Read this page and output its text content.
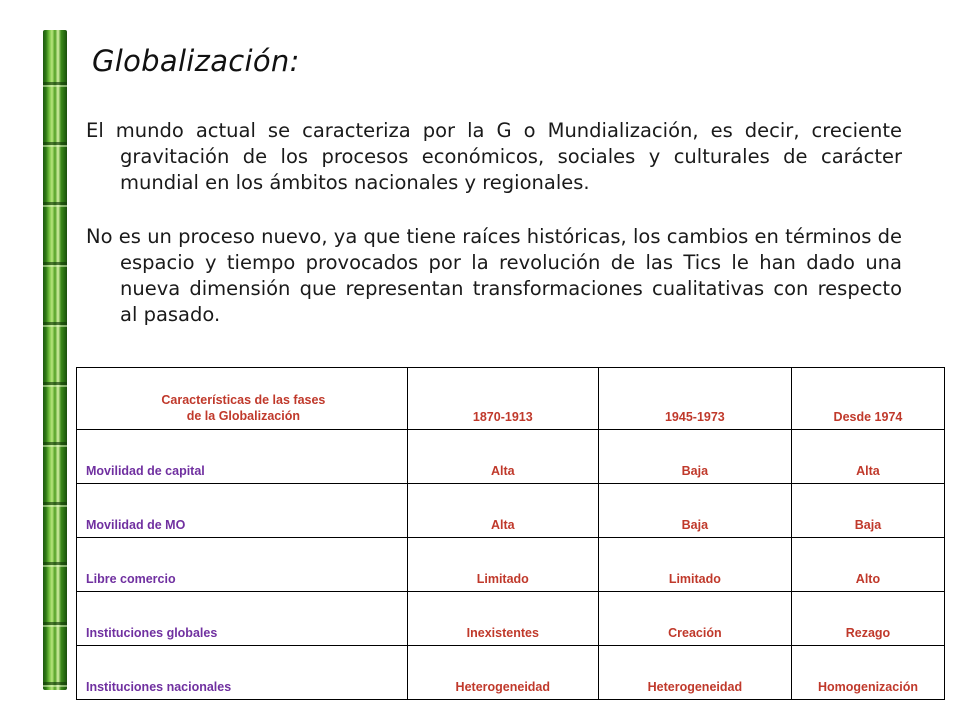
Globalización:

El mundo actual se caracteriza por la G o Mundialización, es decir, creciente gravitación de los procesos económicos, sociales y culturales de carácter mundial en los ámbitos nacionales y regionales.

No es un proceso nuevo, ya que tiene raíces históricas, los cambios en términos de espacio y tiempo provocados por la revolución de las Tics le han dado una nueva dimensión que representan transformaciones cualitativas con respecto al pasado.

Características de las fases
de la Globalización	1870-1913	1945-1973	Desde 1974
Movilidad de capital	Alta	Baja	Alta
Movilidad de MO	Alta	Baja	Baja
Libre comercio	Limitado	Limitado	Alto
Instituciones globales	Inexistentes	Creación	Rezago
Instituciones nacionales	Heterogeneidad	Heterogeneidad	Homogenización
